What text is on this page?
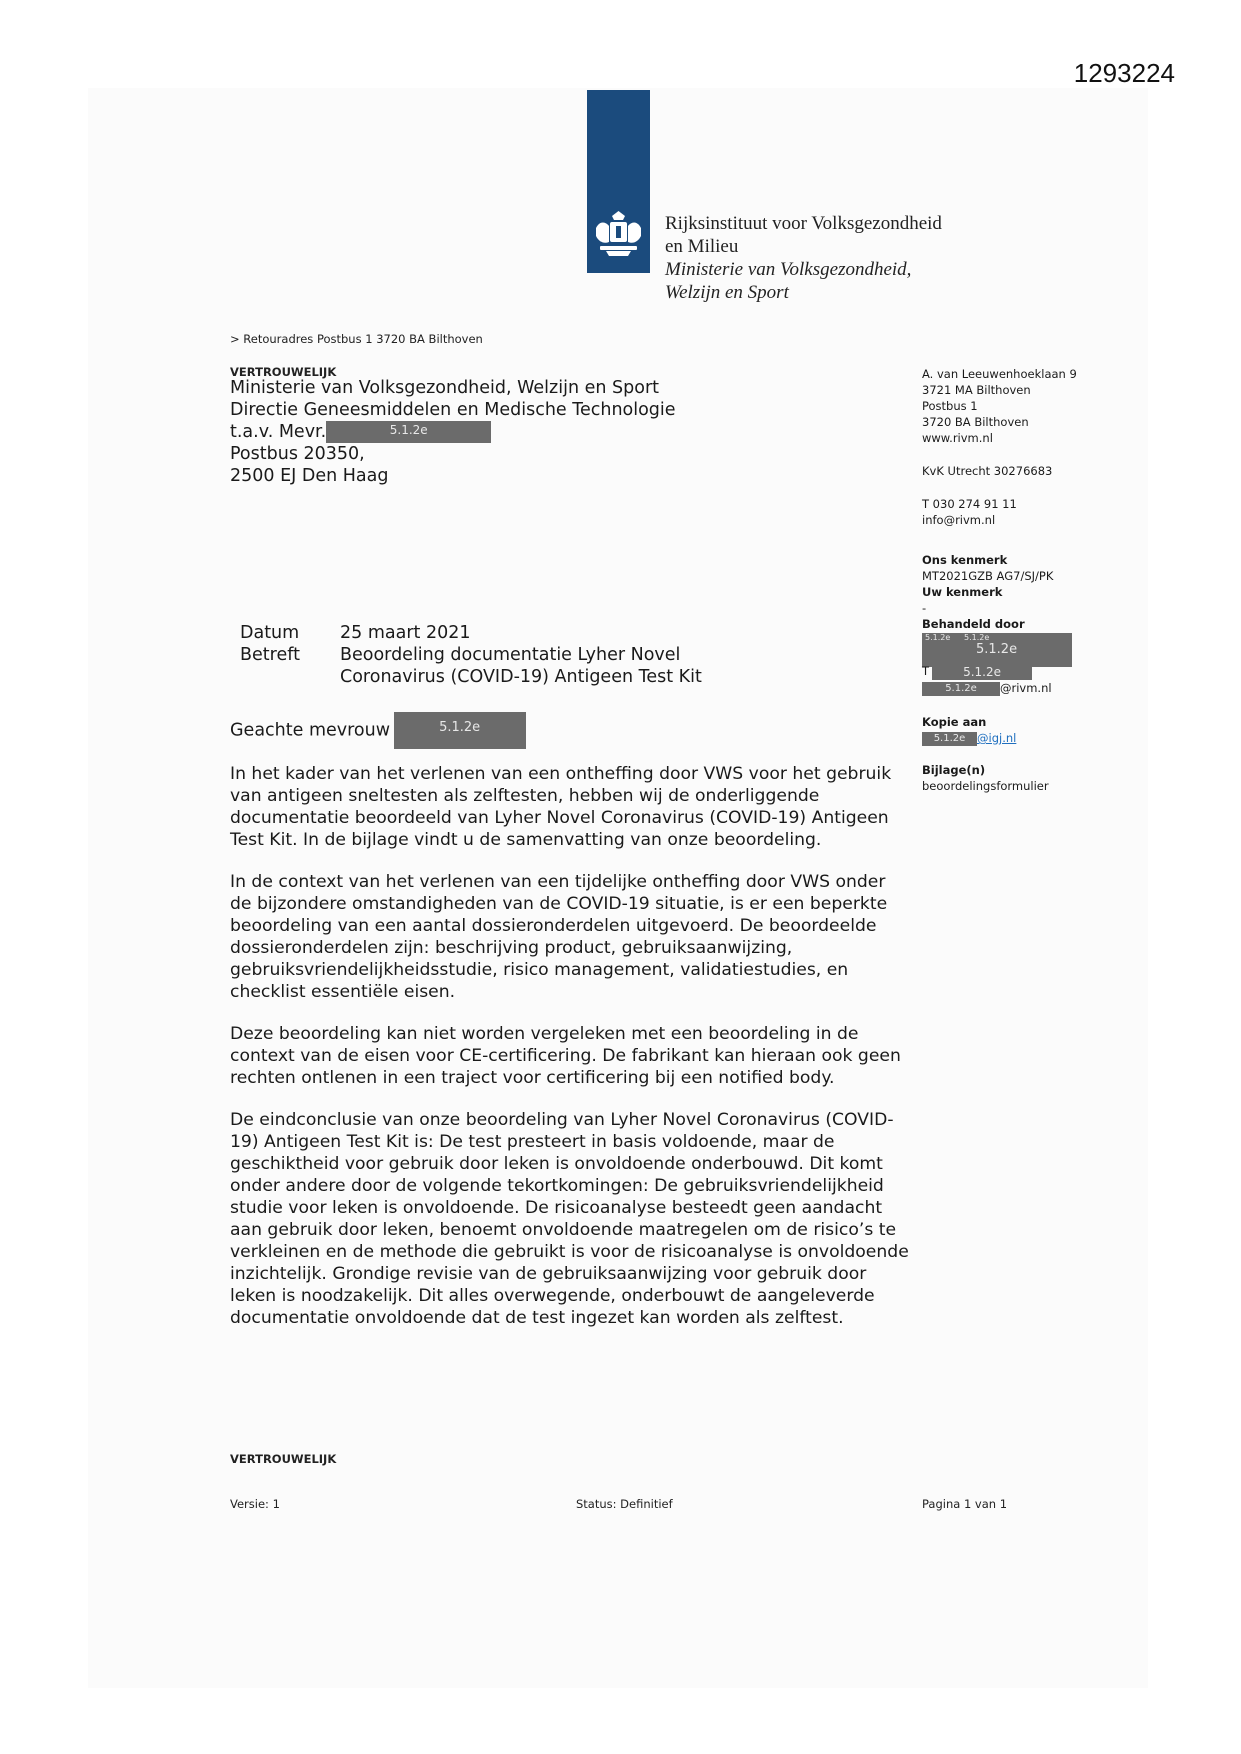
1293224
Rijksinstituut voor Volksgezondheid
en Milieu
Ministerie van Volksgezondheid,
Welzijn en Sport
> Retouradres Postbus 1 3720 BA Bilthoven
VERTROUWELIJK
Ministerie van Volksgezondheid, Welzijn en Sport
Directie Geneesmiddelen en Medische Technologie
t.a.v. Mevr.	5.1.2e
Postbus 20350,
2500 EJ Den Haag
A. van Leeuwenhoeklaan 9
3721 MA Bilthoven
Postbus 1
3720 BA Bilthoven
www.rivm.nl
KvK Utrecht 30276683
T 030 274 91 11
info@rivm.nl
Ons kenmerk
MT2021GZB AG7/SJ/PK
Uw kenmerk
-
Behandeld door
5.1.2e 5.1.2e
5.1.2e
T	5.1.2e
5.1.2e @rivm.nl
Kopie aan
5.1.2e @igj.nl
Bijlage(n)
beoordelingsformulier
Datum	25 maart 2021
Betreft	Beoordeling documentatie Lyher Novel
Coronavirus (COVID-19) Antigeen Test Kit
Geachte mevrouw	5.1.2e

In het kader van het verlenen van een ontheffing door VWS voor het gebruik van antigeen sneltesten als zelftesten, hebben wij de onderliggende documentatie beoordeeld van Lyher Novel Coronavirus (COVID-19) Antigeen Test Kit. In de bijlage vindt u de samenvatting van onze beoordeling.

In de context van het verlenen van een tijdelijke ontheffing door VWS onder de bijzondere omstandigheden van de COVID-19 situatie, is er een beperkte beoordeling van een aantal dossieronderdelen uitgevoerd. De beoordeelde dossieronderdelen zijn: beschrijving product, gebruiksaanwijzing, gebruiksvriendelijkheidsstudie, risico management, validatiestudies, en checklist essentiële eisen.

Deze beoordeling kan niet worden vergeleken met een beoordeling in de context van de eisen voor CE-certificering. De fabrikant kan hieraan ook geen rechten ontlenen in een traject voor certificering bij een notified body.

De eindconclusie van onze beoordeling van Lyher Novel Coronavirus (COVID-19) Antigeen Test Kit is: De test presteert in basis voldoende, maar de geschiktheid voor gebruik door leken is onvoldoende onderbouwd. Dit komt onder andere door de volgende tekortkomingen: De gebruiksvriendelijkheid studie voor leken is onvoldoende. De risicoanalyse besteedt geen aandacht aan gebruik door leken, benoemt onvoldoende maatregelen om de risico’s te verkleinen en de methode die gebruikt is voor de risicoanalyse is onvoldoende inzichtelijk. Grondige revisie van de gebruiksaanwijzing voor gebruik door leken is noodzakelijk. Dit alles overwegende, onderbouwt de aangeleverde documentatie onvoldoende dat de test ingezet kan worden als zelftest.

VERTROUWELIJK
Versie: 1	Status: Definitief	Pagina 1 van 1
